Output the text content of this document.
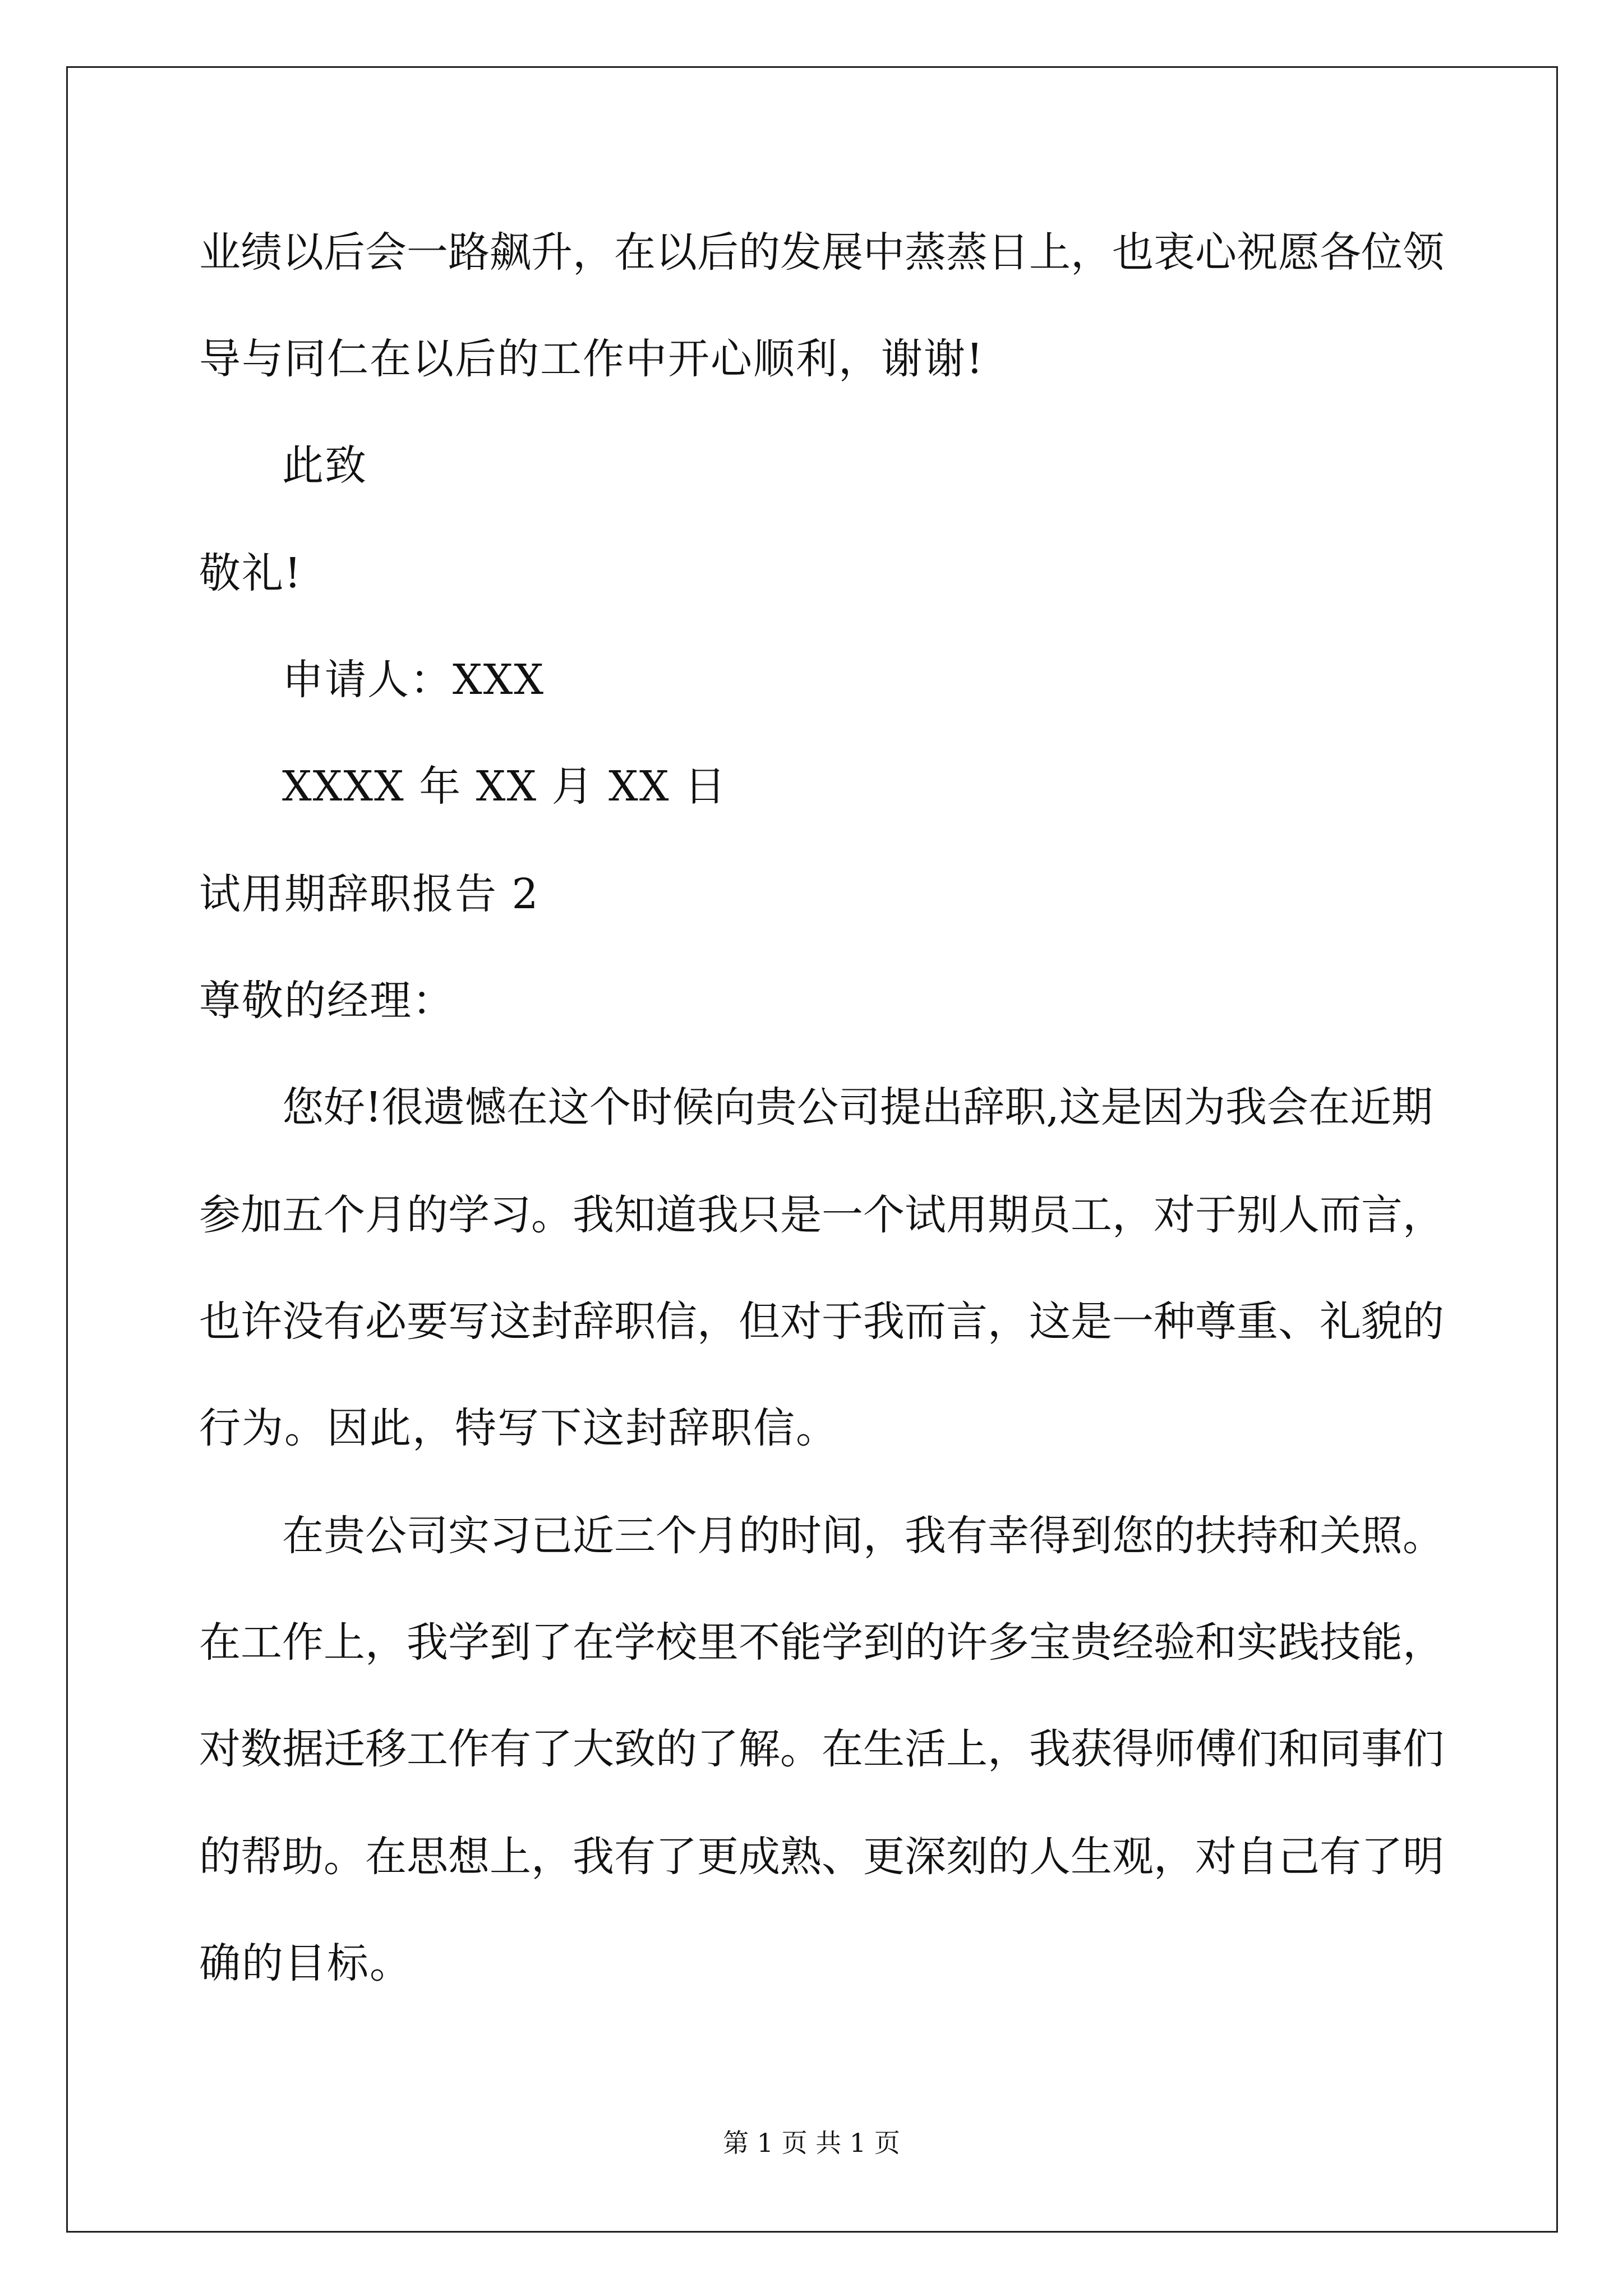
业绩以后会一路飙升，在以后的发展中蒸蒸日上，也衷心祝愿各位领
导与同仁在以后的工作中开心顺利，谢谢!
此致
敬礼!
申请人：XXX
XXXX 年 XX 月 XX 日
试用期辞职报告 2
尊敬的经理：
您好!很遗憾在这个时候向贵公司提出辞职,这是因为我会在近期
参加五个月的学习。我知道我只是一个试用期员工，对于别人而言，
也许没有必要写这封辞职信，但对于我而言，这是一种尊重、礼貌的
行为。因此，特写下这封辞职信。
在贵公司实习已近三个月的时间，我有幸得到您的扶持和关照。
在工作上，我学到了在学校里不能学到的许多宝贵经验和实践技能，
对数据迁移工作有了大致的了解。在生活上，我获得师傅们和同事们
的帮助。在思想上，我有了更成熟、更深刻的人生观，对自己有了明
确的目标。
第 1 页 共 1 页
